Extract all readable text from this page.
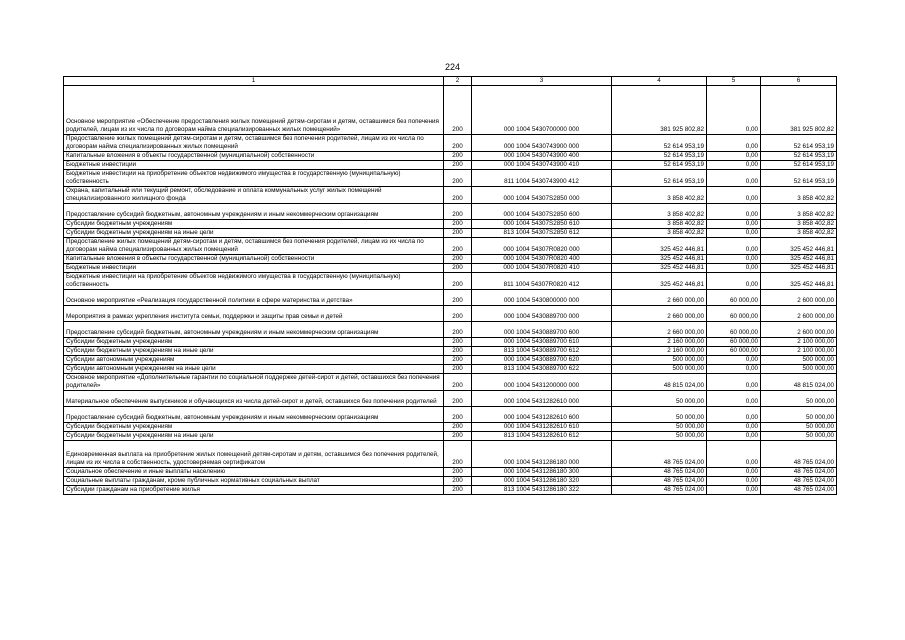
224
1	2	3	4	5	6
Основное мероприятие «Обеспечение предоставления жилых помещений детям-сиротам и детям, оставшимся без попечения родителей, лицам из их числа по договорам найма специализированных жилых помещений»	200	000 1004 5430700000 000	381 925 802,82	0,00	381 925 802,82
Предоставление жилых помещений детям-сиротам и детям, оставшимся без попечения родителей, лицам из их числа по договорам найма специализированных жилых помещений	200	000 1004 5430743900 000	52 614 953,19	0,00	52 614 953,19
Капитальные вложения в объекты государственной (муниципальной) собственности	200	000 1004 5430743900 400	52 614 953,19	0,00	52 614 953,19
Бюджетные инвестиции	200	000 1004 5430743900 410	52 614 953,19	0,00	52 614 953,19
Бюджетные инвестиции на приобретение объектов недвижимого имущества в государственную (муниципальную) собственность	200	811 1004 5430743900 412	52 614 953,19	0,00	52 614 953,19
Охрана, капитальный или текущий ремонт, обследование и оплата коммунальных услуг жилых помещений специализированного жилищного фонда	200	000 1004 54307S2850 000	3 858 402,82	0,00	3 858 402,82
Предоставление субсидий бюджетным, автономным учреждениям и иным некоммерческим организациям	200	000 1004 54307S2850 600	3 858 402,82	0,00	3 858 402,82
Субсидии бюджетным учреждениям	200	000 1004 54307S2850 610	3 858 402,82	0,00	3 858 402,82
Субсидии бюджетным учреждениям на иные цели	200	813 1004 54307S2850 612	3 858 402,82	0,00	3 858 402,82
Предоставление жилых помещений детям-сиротам и детям, оставшимся без попечения родителей, лицам из их числа по договорам найма специализированных жилых помещений	200	000 1004 54307R0820 000	325 452 446,81	0,00	325 452 446,81
Капитальные вложения в объекты государственной (муниципальной) собственности	200	000 1004 54307R0820 400	325 452 446,81	0,00	325 452 446,81
Бюджетные инвестиции	200	000 1004 54307R0820 410	325 452 446,81	0,00	325 452 446,81
Бюджетные инвестиции на приобретение объектов недвижимого имущества в государственную (муниципальную) собственность	200	811 1004 54307R0820 412	325 452 446,81	0,00	325 452 446,81
Основное мероприятие «Реализация государственной политики в сфере материнства и детства»	200	000 1004 5430800000 000	2 660 000,00	60 000,00	2 600 000,00
Мероприятия в рамках укрепления института семьи, поддержки и защиты прав семьи и детей	200	000 1004 5430889700 000	2 660 000,00	60 000,00	2 600 000,00
Предоставление субсидий бюджетным, автономным учреждениям и иным некоммерческим организациям	200	000 1004 5430889700 600	2 660 000,00	60 000,00	2 600 000,00
Субсидии бюджетным учреждениям	200	000 1004 5430889700 610	2 160 000,00	60 000,00	2 100 000,00
Субсидии бюджетным учреждениям на иные цели	200	813 1004 5430889700 612	2 160 000,00	60 000,00	2 100 000,00
Субсидии автономным учреждениям	200	000 1004 5430889700 620	500 000,00	0,00	500 000,00
Субсидии автономным учреждениям на иные цели	200	813 1004 5430889700 622	500 000,00	0,00	500 000,00
Основное мероприятие «Дополнительные гарантии по социальной поддержке детей-сирот и детей, оставшихся без попечения родителей»	200	000 1004 5431200000 000	48 815 024,00	0,00	48 815 024,00
Материальное обеспечение выпускников и обучающихся из числа детей-сирот и детей, оставшихся без попечения родителей	200	000 1004 5431282610 000	50 000,00	0,00	50 000,00
Предоставление субсидий бюджетным, автономным учреждениям и иным некоммерческим организациям	200	000 1004 5431282610 600	50 000,00	0,00	50 000,00
Субсидии бюджетным учреждениям	200	000 1004 5431282610 610	50 000,00	0,00	50 000,00
Субсидии бюджетным учреждениям на иные цели	200	813 1004 5431282610 612	50 000,00	0,00	50 000,00
Единовременная выплата на приобретение жилых помещений детям-сиротам и детям, оставшимся без попечения родителей, лицам из их числа в собственность, удостоверяемая сертификатом	200	000 1004 5431286180 000	48 765 024,00	0,00	48 765 024,00
Социальное обеспечение и иные выплаты населению	200	000 1004 5431286180 300	48 765 024,00	0,00	48 765 024,00
Социальные выплаты гражданам, кроме публичных нормативных социальных выплат	200	000 1004 5431286180 320	48 765 024,00	0,00	48 765 024,00
Субсидии гражданам на приобретение жилья	200	813 1004 5431286180 322	48 765 024,00	0,00	48 765 024,00
